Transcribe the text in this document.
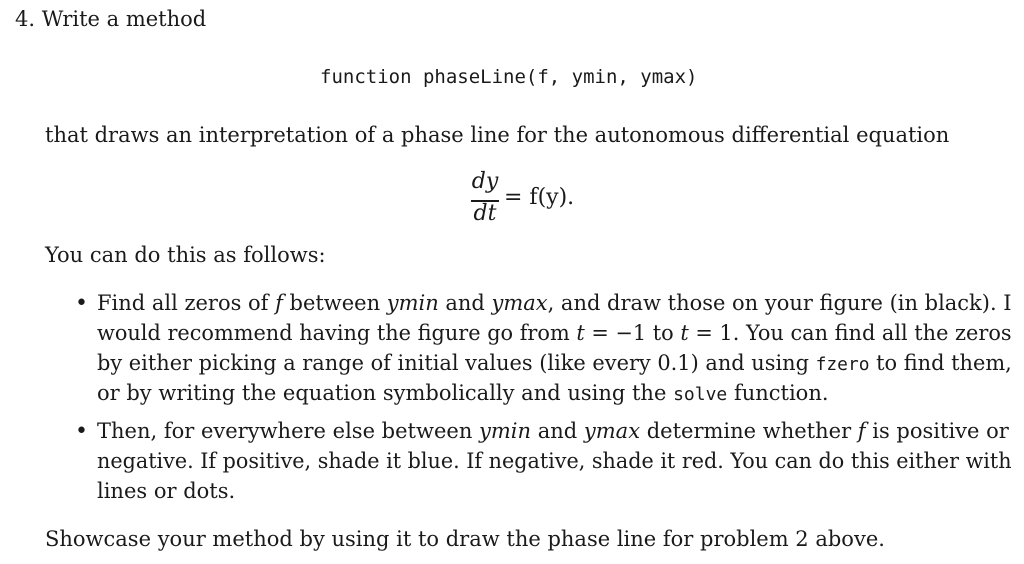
4. Write a method
function phaseLine(f, ymin, ymax)
that draws an interpretation of a phase line for the autonomous differential equation
dy
dt
= f(y).
You can do this as follows:
• Find all zeros of f between ymin and ymax, and draw those on your figure (in black). I
would recommend having the figure go from t = −1 to t = 1. You can find all the zeros
by either picking a range of initial values (like every 0.1) and using fzero to find them,
or by writing the equation symbolically and using the solve function.
• Then, for everywhere else between ymin and ymax determine whether f is positive or
negative. If positive, shade it blue. If negative, shade it red. You can do this either with
lines or dots.
Showcase your method by using it to draw the phase line for problem 2 above.
